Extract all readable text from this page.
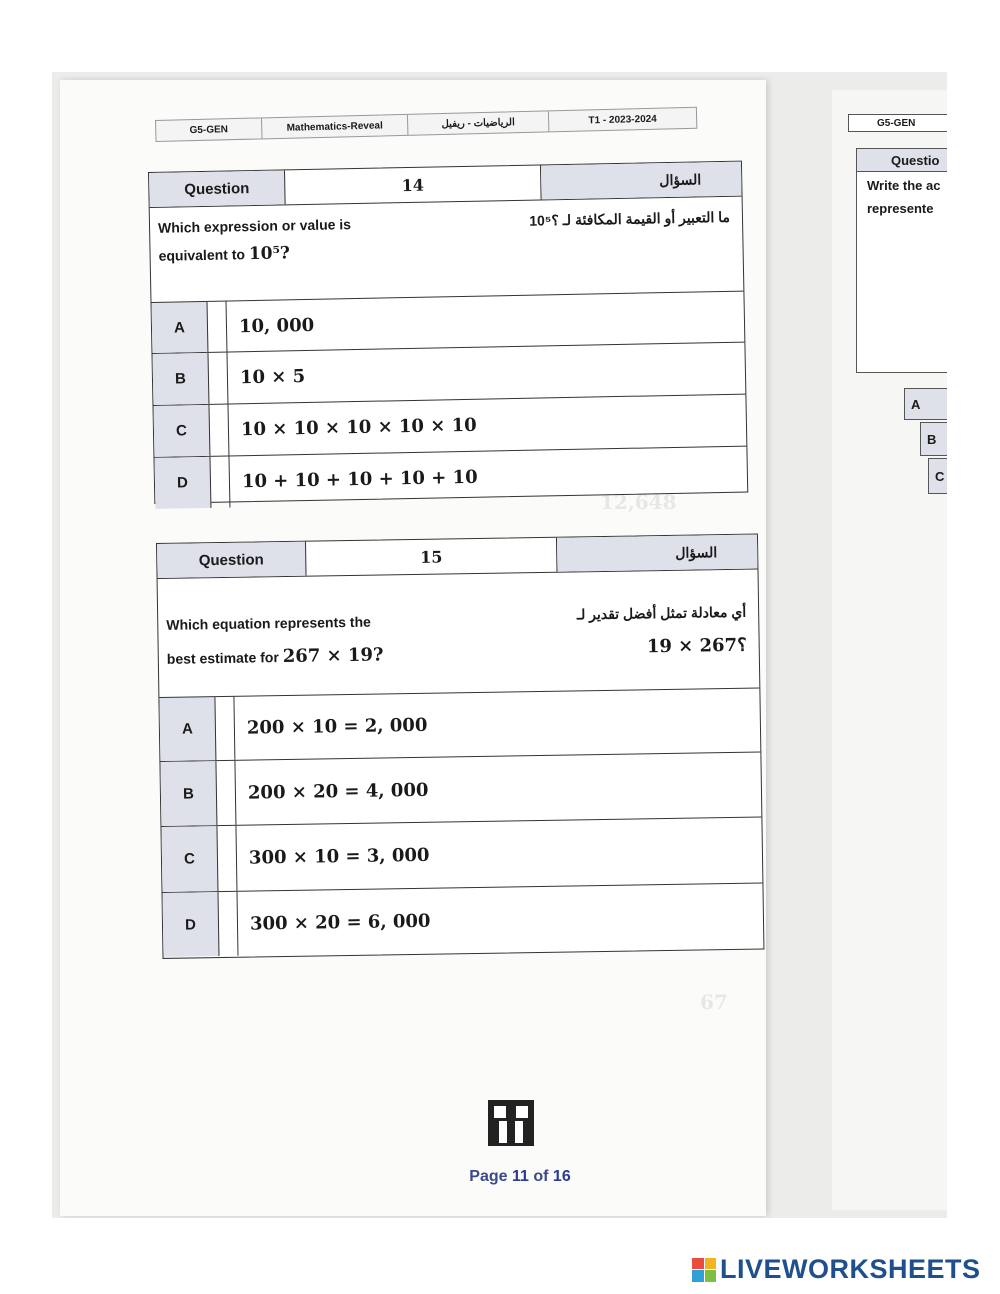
G5-GEN	Mathematics-Reveal	الرياضيات - ريفيل	T1 - 2023-2024
12,648
67
Question	14	السؤال
Which expression or value is
equivalent to 10⁵?
ما التعبير أو القيمة المكافئة لـ ؟10⁵
A	10, 000
B	10 × 5
C	10 × 10 × 10 × 10 × 10
D	10 + 10 + 10 + 10 + 10
Question	15	السؤال
Which equation represents the
best estimate for 267 × 19?
أي معادلة تمثل أفضل تقدير لـ
؟267 × 19
A	200 × 10 = 2, 000
B	200 × 20 = 4, 000
C	300 × 10 = 3, 000
D	300 × 20 = 6, 000
Page 11 of 16
G5-GEN
Questio
Write the ac
represente
A
B
C
LIVEWORKSHEETS
